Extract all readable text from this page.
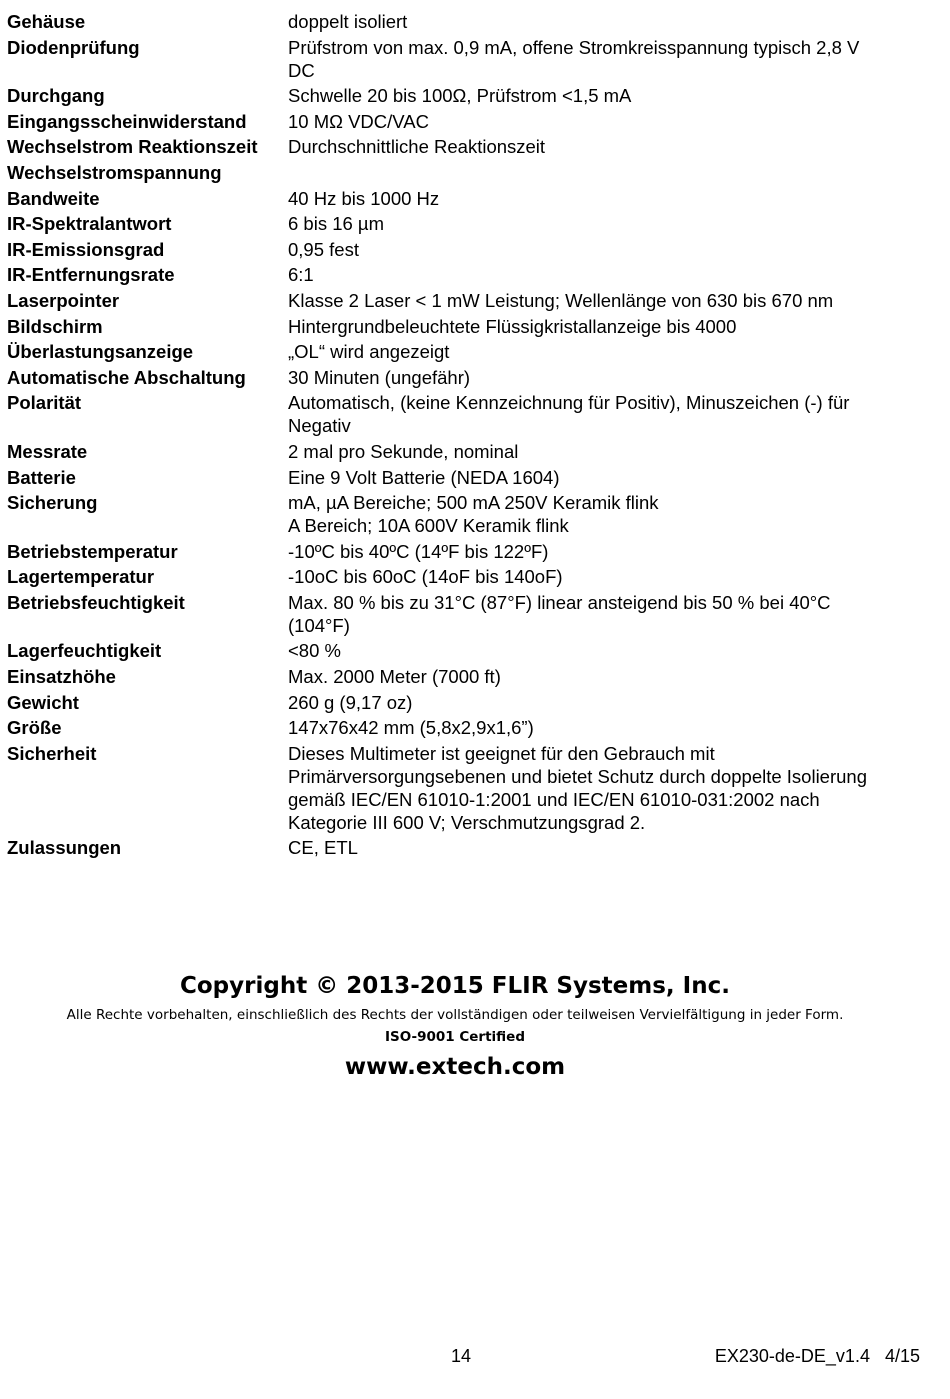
Gehäuse	doppelt isoliert
Diodenprüfung	Prüfstrom von max. 0,9 mA, offene Stromkreisspannung typisch 2,8 V
DC
Durchgang	Schwelle 20 bis 100Ω, Prüfstrom <1,5 mA
Eingangsscheinwiderstand	10 MΩ VDC/VAC
Wechselstrom Reaktionszeit	Durchschnittliche Reaktionszeit
Wechselstromspannung

Bandweite	40 Hz bis 1000 Hz
IR-Spektralantwort	6 bis 16 µm
IR-Emissionsgrad	0,95 fest
IR-Entfernungsrate	6:1
Laserpointer	Klasse 2 Laser < 1 mW Leistung; Wellenlänge von 630 bis 670 nm
Bildschirm	Hintergrundbeleuchtete Flüssigkristallanzeige bis 4000
Überlastungsanzeige	„OL“ wird angezeigt
Automatische Abschaltung	30 Minuten (ungefähr)
Polarität	Automatisch, (keine Kennzeichnung für Positiv), Minuszeichen (-) für
Negativ
Messrate	2 mal pro Sekunde, nominal
Batterie	Eine 9 Volt Batterie (NEDA 1604)
Sicherung	mA, µA Bereiche; 500 mA 250V Keramik flink
A Bereich; 10A 600V Keramik flink
Betriebstemperatur	-10ºC bis 40ºC (14ºF bis 122ºF)
Lagertemperatur	-10oC bis 60oC (14oF bis 140oF)
Betriebsfeuchtigkeit	Max. 80 % bis zu 31°C (87°F) linear ansteigend bis 50 % bei 40°C
(104°F)
Lagerfeuchtigkeit	<80 %
Einsatzhöhe	Max. 2000 Meter (7000 ft)
Gewicht	260 g (9,17 oz)
Größe	147x76x42 mm (5,8x2,9x1,6”)
Sicherheit	Dieses Multimeter ist geeignet für den Gebrauch mit
Primärversorgungsebenen und bietet Schutz durch doppelte Isolierung
gemäß IEC/EN 61010-1:2001 und IEC/EN 61010-031:2002 nach
Kategorie III 600 V; Verschmutzungsgrad 2.
Zulassungen	CE, ETL
Copyright © 2013-2015 FLIR Systems, Inc.
Alle Rechte vorbehalten, einschließlich des Rechts der vollständigen oder teilweisen Vervielfältigung in jeder Form.
ISO-9001 Certified
www.extech.com
14	EX230-de-DE_v1.4   4/15
